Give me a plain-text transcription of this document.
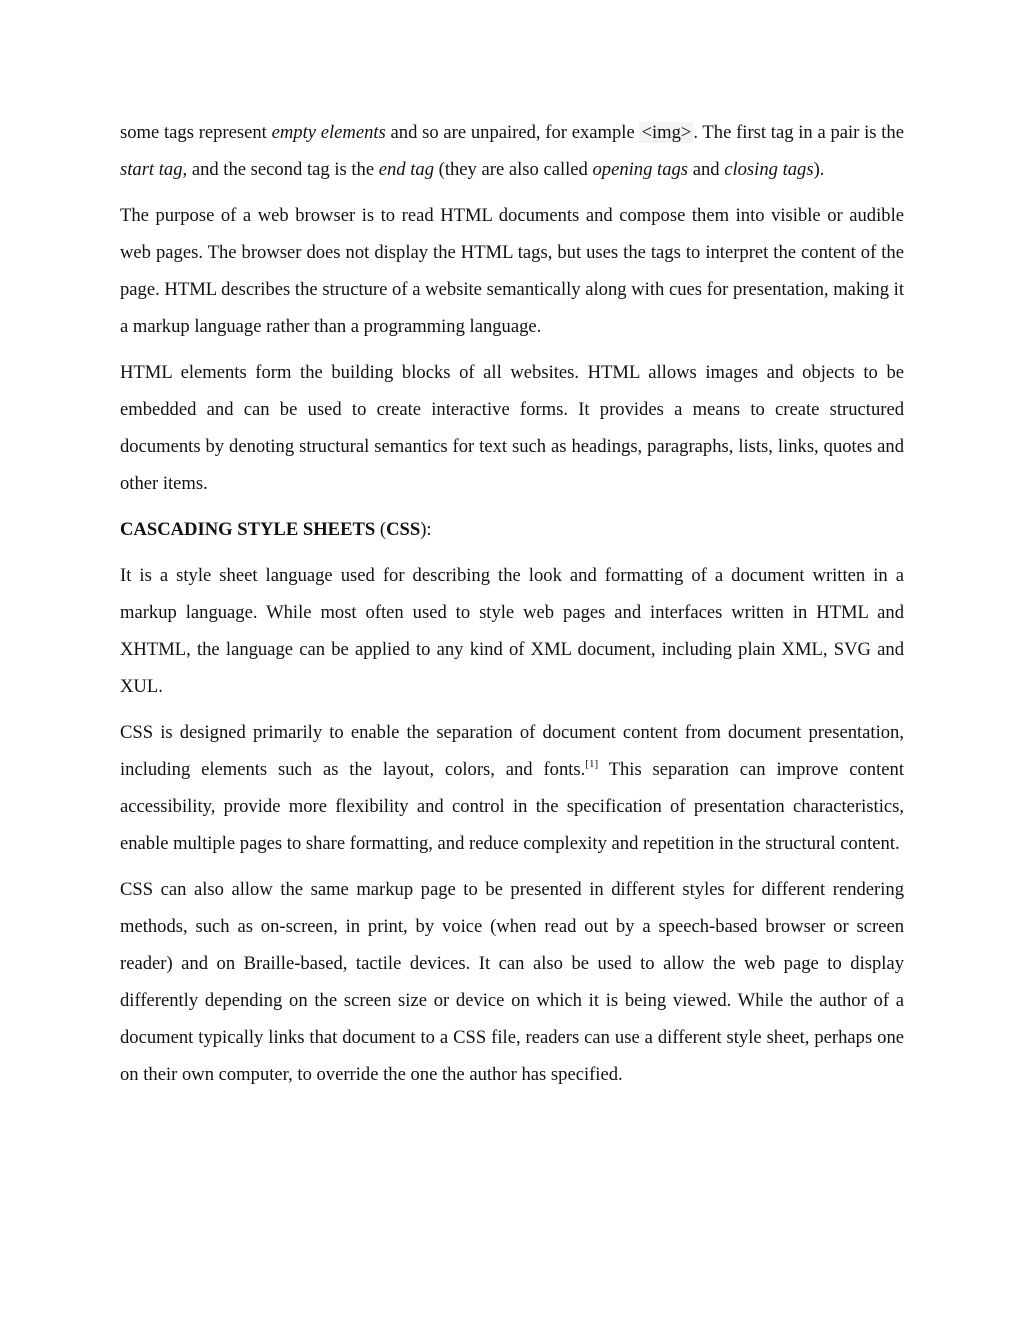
some tags represent empty elements and so are unpaired, for example <img> . The first tag in a pair is the start tag, and the second tag is the end tag (they are also called opening tags and closing tags).

The purpose of a web browser is to read HTML documents and compose them into visible or audible web pages. The browser does not display the HTML tags, but uses the tags to interpret the content of the page. HTML describes the structure of a website semantically along with cues for presentation, making it a markup language rather than a programming language.

HTML elements form the building blocks of all websites. HTML allows images and objects to be embedded and can be used to create interactive forms. It provides a means to create structured documents by denoting structural semantics for text such as headings, paragraphs, lists, links, quotes and other items.

CASCADING STYLE SHEETS (CSS):

It is a style sheet language used for describing the look and formatting of a document written in a markup language. While most often used to style web pages and interfaces written in HTML and XHTML, the language can be applied to any kind of XML document, including plain XML, SVG and XUL.

CSS is designed primarily to enable the separation of document content from document presentation, including elements such as the layout, colors, and fonts.[1] This separation can improve content accessibility, provide more flexibility and control in the specification of presentation characteristics, enable multiple pages to share formatting, and reduce complexity and repetition in the structural content.

CSS can also allow the same markup page to be presented in different styles for different rendering methods, such as on-screen, in print, by voice (when read out by a speech-based browser or screen reader) and on Braille-based, tactile devices. It can also be used to allow the web page to display differently depending on the screen size or device on which it is being viewed. While the author of a document typically links that document to a CSS file, readers can use a different style sheet, perhaps one on their own computer, to override the one the author has specified.
